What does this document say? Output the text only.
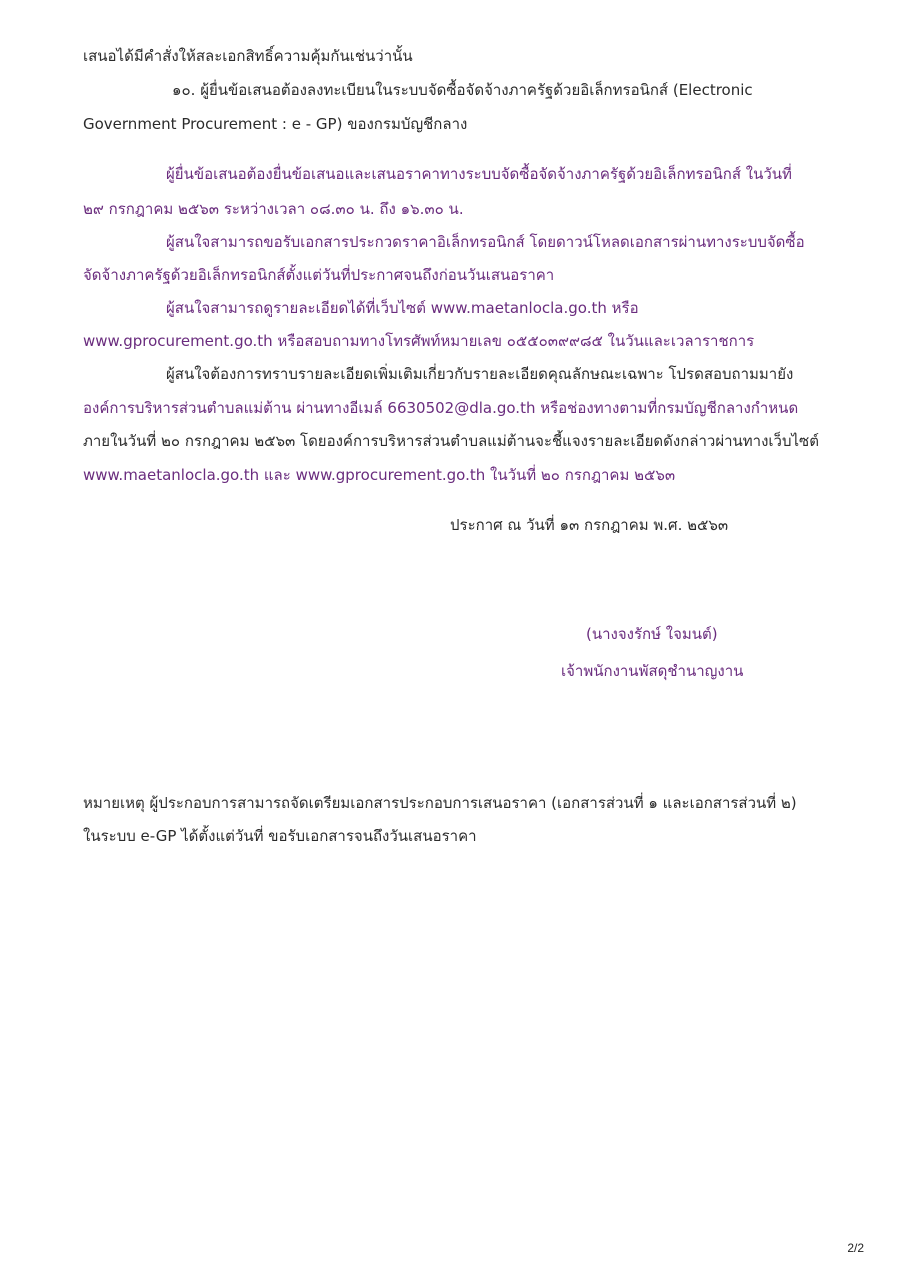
เสนอได้มีคำสั่งให้สละเอกสิทธิ์ความคุ้มกันเช่นว่านั้น
๑๐. ผู้ยื่นข้อเสนอต้องลงทะเบียนในระบบจัดซื้อจัดจ้างภาครัฐด้วยอิเล็กทรอนิกส์ (Electronic
Government Procurement : e - GP) ของกรมบัญชีกลาง
ผู้ยื่นข้อเสนอต้องยื่นข้อเสนอและเสนอราคาทางระบบจัดซื้อจัดจ้างภาครัฐด้วยอิเล็กทรอนิกส์ ในวันที่
๒๙ กรกฎาคม ๒๕๖๓ ระหว่างเวลา ๐๘.๓๐ น. ถึง ๑๖.๓๐ น.
ผู้สนใจสามารถขอรับเอกสารประกวดราคาอิเล็กทรอนิกส์ โดยดาวน์โหลดเอกสารผ่านทางระบบจัดซื้อ
จัดจ้างภาครัฐด้วยอิเล็กทรอนิกส์ตั้งแต่วันที่ประกาศจนถึงก่อนวันเสนอราคา
ผู้สนใจสามารถดูรายละเอียดได้ที่เว็บไซต์ www.maetanlocla.go.th หรือ
www.gprocurement.go.th หรือสอบถามทางโทรศัพท์หมายเลข ๐๕๕๐๓๙๙๘๕ ในวันและเวลาราชการ
ผู้สนใจต้องการทราบรายละเอียดเพิ่มเติมเกี่ยวกับรายละเอียดคุณลักษณะเฉพาะ โปรดสอบถามมายัง
องค์การบริหารส่วนตำบลแม่ต้าน ผ่านทางอีเมล์ 6630502@dla.go.th หรือช่องทางตามที่กรมบัญชีกลางกำหนด
ภายในวันที่ ๒๐ กรกฎาคม ๒๕๖๓ โดยองค์การบริหารส่วนตำบลแม่ต้านจะชี้แจงรายละเอียดดังกล่าวผ่านทางเว็บไซต์
www.maetanlocla.go.th และ www.gprocurement.go.th ในวันที่ ๒๐ กรกฎาคม ๒๕๖๓
ประกาศ ณ วันที่ ๑๓ กรกฎาคม พ.ศ. ๒๕๖๓
(นางจงรักษ์ ใจมนต์)
เจ้าพนักงานพัสดุชำนาญงาน
หมายเหตุ ผู้ประกอบการสามารถจัดเตรียมเอกสารประกอบการเสนอราคา (เอกสารส่วนที่ ๑ และเอกสารส่วนที่ ๒)
ในระบบ e-GP ได้ตั้งแต่วันที่ ขอรับเอกสารจนถึงวันเสนอราคา
2/2
